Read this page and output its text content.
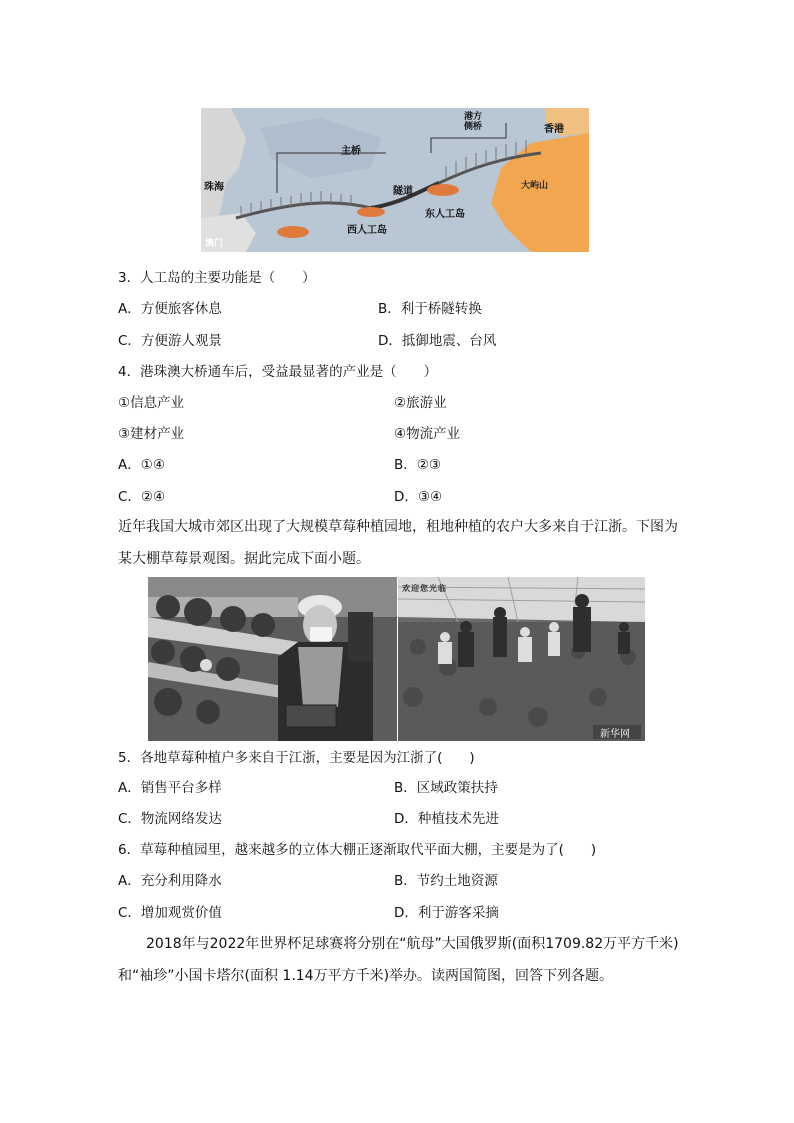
主桥
港方
侧桥	香港
珠海	隧道	大屿山
东人工岛
西人工岛
澳门
3．人工岛的主要功能是（　　）
A．方便旅客休息	B．利于桥隧转换
C．方便游人观景	D．抵御地震、台风
4．港珠澳大桥通车后，受益最显著的产业是（　　）
①信息产业	②旅游业
③建材产业	④物流产业
A．①④	B．②③
C．②④	D．③④
近年我国大城市郊区出现了大规模草莓种植园地，租地种植的农户大多来自于江浙。下图为
某大棚草莓景观图。据此完成下面小题。
欢迎您光临
新华网
5．各地草莓种植户多来自于江浙，主要是因为江浙了(　　)
A．销售平台多样	B．区域政策扶持
C．物流网络发达	D．种植技术先进
6．草莓种植园里，越来越多的立体大棚正逐渐取代平面大棚，主要是为了(　　)
A．充分利用降水	B．节约土地资源
C．增加观赏价值	D．利于游客采摘
2018年与2022年世界杯足球赛将分别在“航母”大国俄罗斯(面积1709.82万平方千米)
和“袖珍”小国卡塔尔(面积 1.14万平方千米)举办。读两国简图，回答下列各题。
